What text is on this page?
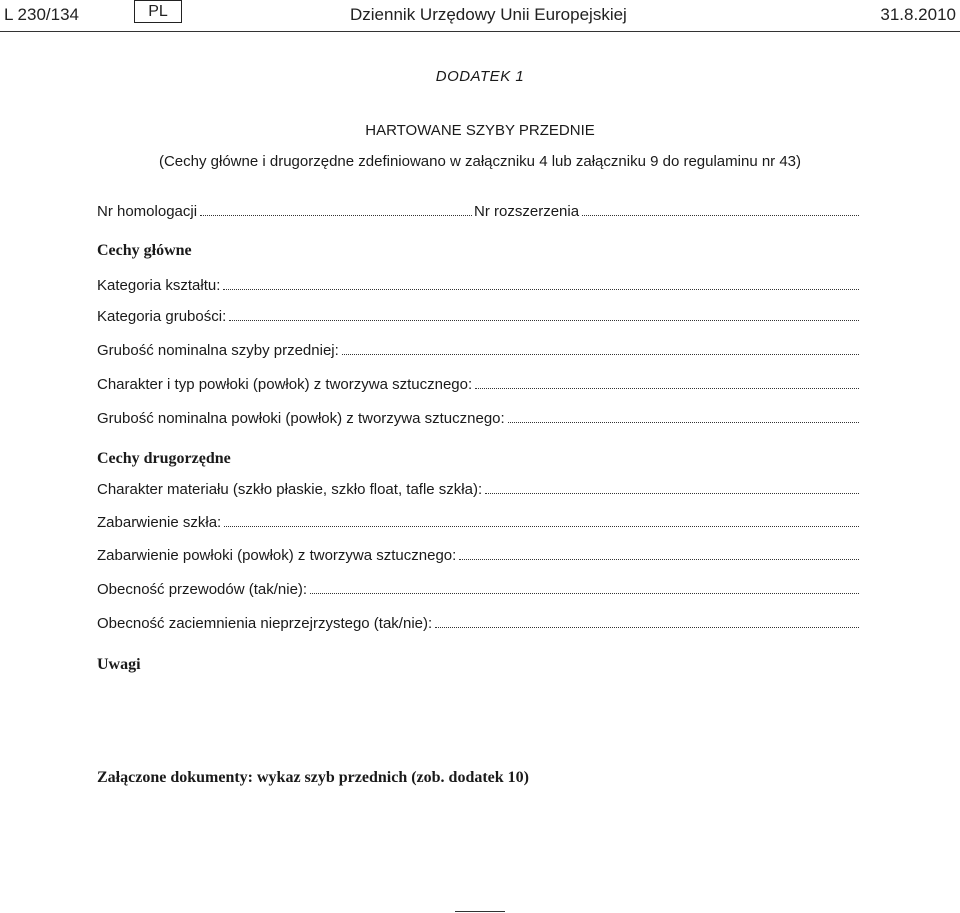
L 230/134	PL	Dziennik Urzędowy Unii Europejskiej	31.8.2010
DODATEK 1
HARTOWANE SZYBY PRZEDNIE
(Cechy główne i drugorzędne zdefiniowano w załączniku 4 lub załączniku 9 do regulaminu nr 43)
Nr homologacji	Nr rozszerzenia
Cechy główne
Kategoria kształtu:
Kategoria grubości:
Grubość nominalna szyby przedniej:
Charakter i typ powłoki (powłok) z tworzywa sztucznego:
Grubość nominalna powłoki (powłok) z tworzywa sztucznego:
Cechy drugorzędne
Charakter materiału (szkło płaskie, szkło float, tafle szkła):
Zabarwienie szkła:
Zabarwienie powłoki (powłok) z tworzywa sztucznego:
Obecność przewodów (tak/nie):
Obecność zaciemnienia nieprzejrzystego (tak/nie):
Uwagi
Załączone dokumenty: wykaz szyb przednich (zob. dodatek 10)
